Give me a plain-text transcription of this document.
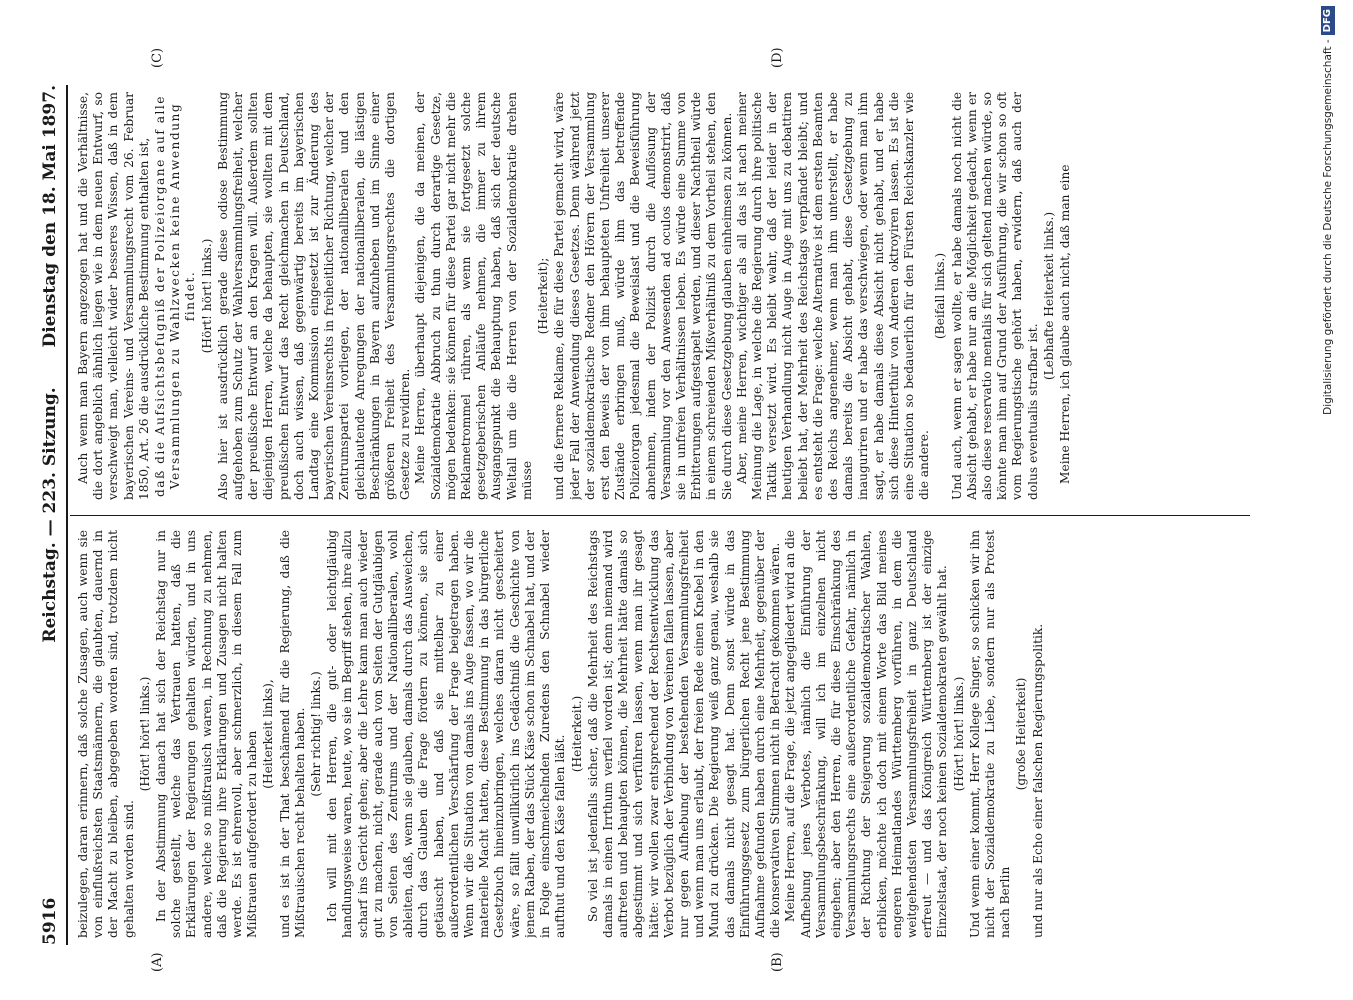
5916
Reichstag. — 223. Sitzung.
Dienstag den 18. Mai 1897.
(A)	(B)
(C)	(D)

beizulegen, daran erinnern, daß solche Zusagen, auch wenn sie von einflußreichsten Staatsmännern, die glaubten, dauernd in der Macht zu bleiben, abgegeben worden sind, trotzdem nicht gehalten worden sind.

(Hört! hört! links.) In der Abstimmung danach hat sich der Reichstag nur in solche gestellt, welche das Vertrauen hatten, daß die Erklärungen der Regierungen gehalten würden, und in uns andere, welche so mißtrauisch waren, in Rechnung zu nehmen, daß die Regierung ihre Erklärungen und Zusagen nicht halten werde. Es ist ehrenvoll, aber schmerzlich, in diesem Fall zum Mißtrauen aufgefordert zu haben (Heiterkeit links), und es ist in der That beschämend für die Regierung, daß die Mißtrauischen recht behalten haben. (Sehr richtig! links.) Ich will mit den Herren, die gut- oder leichtgläubig handlungsweise waren, heute, wo sie im Begriff stehen, ihre allzu scharf ins Gericht gehen; aber die Lehre kann man auch wieder gut zu machen, nicht, gerade auch von Seiten der Gutgläubigen von Seiten des Zentrums und der Nationalliberalen, wohl ableiten, daß, wenn sie glauben, damals durch das Ausweichen, durch das Glauben die Frage fördern zu können, sie sich getäuscht haben, und daß sie mittelbar zu einer außerordentlichen Verschärfung der Frage beigetragen haben. Wenn wir die Situation von damals ins Auge fassen, wo wir die materielle Macht hatten, diese Bestimmung in das bürgerliche Gesetzbuch hineinzubringen, welches daran nicht gescheitert wäre, so fällt unwillkürlich ins Gedächtniß die Geschichte von jenem Raben, der das Stück Käse schon im Schnabel hat, und der in Folge einschmeichelnden Zuredens den Schnabel wieder aufthut und den Käse fallen läßt.

(Heiterkeit.) So viel ist jedenfalls sicher, daß die Mehrheit des Reichstags damals in einen Irrthum verfiel worden ist; denn niemand wird auftreten und behaupten können, die Mehrheit hätte damals so abgestimmt und sich verführen lassen, wenn man ihr gesagt hätte: wir wollen zwar entsprechend der Rechtsentwicklung das Verbot bezüglich der Verbindung von Vereinen fallen lassen, aber nur gegen Aufhebung der bestehenden Versammlungsfreiheit und wenn man uns erlaubt, der freien Rede einen Knebel in den Mund zu drücken. Die Regierung weiß ganz genau, weshalb sie das damals nicht gesagt hat. Denn sonst würde in das Einführungsgesetz zum bürgerlichen Recht jene Bestimmung Aufnahme gefunden haben durch eine Mehrheit, gegenüber der die konservativen Stimmen nicht in Betracht gekommen wären. Meine Herren, auf die Frage, die jetzt angegliedert wird an die Aufhebung jenes Verbotes, nämlich die Einführung der Versammlungsbeschränkung, will ich im einzelnen nicht eingehen; aber den Herren, die für diese Einschränkung des Versammlungsrechts eine außerordentliche Gefahr, nämlich in der Richtung der Steigerung sozialdemokratischer Wahlen, erblicken, möchte ich doch mit einem Worte das Bild meines engeren Heimatlandes Württemberg vorführen, in dem die weitgehendsten Versammlungsfreiheit in ganz Deutschland erfreut — und das Königreich Württemberg ist der einzige Einzelstaat, der noch keinen Sozialdemokraten gewählt hat. (Hört! hört! links.) Und wenn einer kommt, Herr Kollege Singer, so schicken wir ihn nicht der Sozialdemokratie zu Liebe, sondern nur als Protest nach Berlin

(große Heiterkeit) und nur als Echo einer falschen Regierungspolitik.

Auch wenn man Bayern angezogen hat und die Verhältnisse, die dort angeblich ähnlich liegen wie in dem neuen Entwurf, so verschweigt man, vielleicht wider besseres Wissen, daß in dem bayerischen Vereins- und Versammlungsrecht vom 26. Februar 1850, Art. 26 die ausdrückliche Bestimmung enthalten ist, daß die Aufsichtsbefugniß der Polizeiorgane auf alle Versammlungen zu Wahlzwecken keine Anwendung findet. (Hört! hört! links.) Also hier ist ausdrücklich gerade diese odiose Bestimmung aufgehoben zum Schutz der Wahlversammlungsfreiheit, welcher der preußische Entwurf an den Kragen will. Außerdem sollten diejenigen Herren, welche da behaupten, sie wollten mit dem preußischen Entwurf das Recht gleichmachen in Deutschland, doch auch wissen, daß gegenwärtig bereits im bayerischen Landtag eine Kommission eingesetzt ist zur Änderung des bayerischen Vereinsrechts in freiheitlicher Richtung, welcher der Zentrumspartei vorliegen, der nationalliberalen und den gleichlautende Anregungen der nationalliberalen, die lästigen Beschränkungen in Bayern aufzuheben und im Sinne einer größeren Freiheit des Versammlungsrechtes die dortigen Gesetze zu revidiren. Meine Herren, überhaupt diejenigen, die da meinen, der Sozialdemokratie Abbruch zu thun durch derartige Gesetze, mögen bedenken: sie können für diese Partei gar nicht mehr die Reklametrommel rühren, als wenn sie fortgesetzt solche gesetzgeberischen Anläufe nehmen, die immer zu ihrem Ausgangspunkt die Behauptung haben, daß sich der deutsche Weltall um die die Herren von der Sozialdemokratie drehen müsse

(Heiterkeit); und die fernere Reklame, die für diese Partei gemacht wird, wäre jeder Fall der Anwendung dieses Gesetzes. Denn während jetzt der sozialdemokratische Redner den Hörern der Versammlung erst den Beweis der von ihm behaupteten Unfreiheit unserer Zustände erbringen muß, würde ihm das betreffende Polizeiorgan jedesmal die Beweislast und die Beweisführung abnehmen, indem der Polizist durch die Auflösung der Versammlung vor den Anwesenden ad oculos demonstrirt, daß sie in unfreien Verhältnissen leben. Es würde eine Summe von Erbitterungen aufgestapelt werden, und dieser Nachtheil würde in einem schreienden Mißverhältniß zu dem Vortheil stehen, den Sie durch diese Gesetzgebung glauben einheimsen zu können. Aber, meine Herren, wichtiger als all das ist nach meiner Meinung die Lage, in welche die Regierung durch ihre politische Taktik versetzt wird. Es bleibt wahr, daß der leider in der heutigen Verhandlung nicht Auge in Auge mit uns zu debattiren beliebt hat, der Mehrheit des Reichstags verpfändet bleibt; und es entsteht die Frage: welche Alternative ist dem ersten Beamten des Reichs angenehmer, wenn man ihm unterstellt, er habe damals bereits die Absicht gehabt, diese Gesetzgebung zu inauguriren und er habe das verschwiegen, oder wenn man ihm sagt, er habe damals diese Absicht nicht gehabt, und er habe sich diese Hinterthür von Anderen oktroyiren lassen. Es ist die eine Situation so bedauerlich für den Fürsten Reichskanzler wie die andere.

(Beifall links.) Und auch, wenn er sagen wollte, er habe damals noch nicht die Absicht gehabt, er habe nur an die Möglichkeit gedacht, wenn er also diese reservatio mentalis für sich geltend machen würde, so könnte man ihm auf Grund der Ausführung, die wir schon so oft vom Regierungstische gehört haben, erwidern, daß auch der dolus eventualis strafbar ist.

(Lebhafte Heiterkeit links.) Meine Herren, ich glaube auch nicht, daß man eine	Digitalisierung gefördert durch die Deutsche Forschungsgemeinschaft -DFG
